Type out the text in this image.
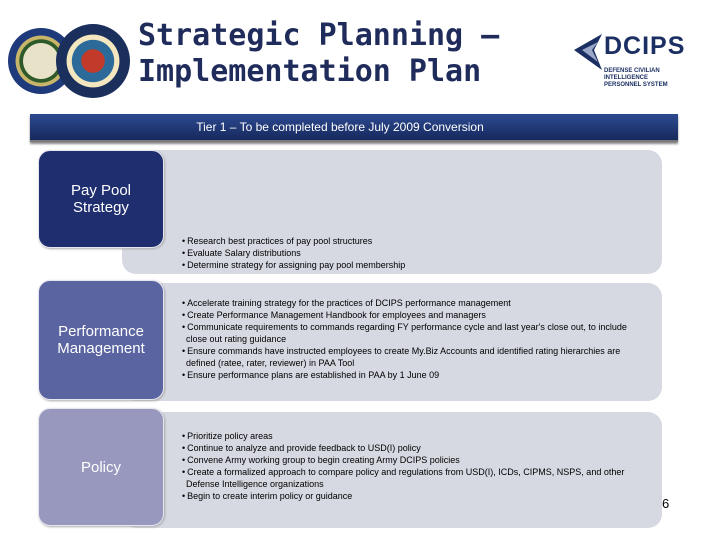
Strategic Planning –
Implementation Plan
DCIPS
DEFENSE CIVILIAN INTELLIGENCE
PERSONNEL SYSTEM
Tier 1 – To be completed before July 2009 Conversion
Pay Pool
Strategy
• Research best practices of pay pool structures
• Evaluate Salary distributions
• Determine strategy for assigning pay pool membership
Performance
Management
• Accelerate training strategy for the practices of DCIPS performance management
• Create Performance Management Handbook for employees and managers
• Communicate requirements to commands regarding FY performance cycle and last year's close out, to include close out rating guidance
• Ensure commands have instructed employees to create My.Biz Accounts and identified rating hierarchies are defined (ratee, rater, reviewer) in PAA Tool
• Ensure performance plans are established in PAA by 1 June 09
Policy
• Prioritize policy areas
• Continue to analyze and provide feedback to USD(I) policy
• Convene Army working group to begin creating Army DCIPS policies
• Create a formalized approach to compare policy and regulations from USD(I), ICDs, CIPMS, NSPS, and other Defense Intelligence organizations
• Begin to create interim policy or guidance	6
